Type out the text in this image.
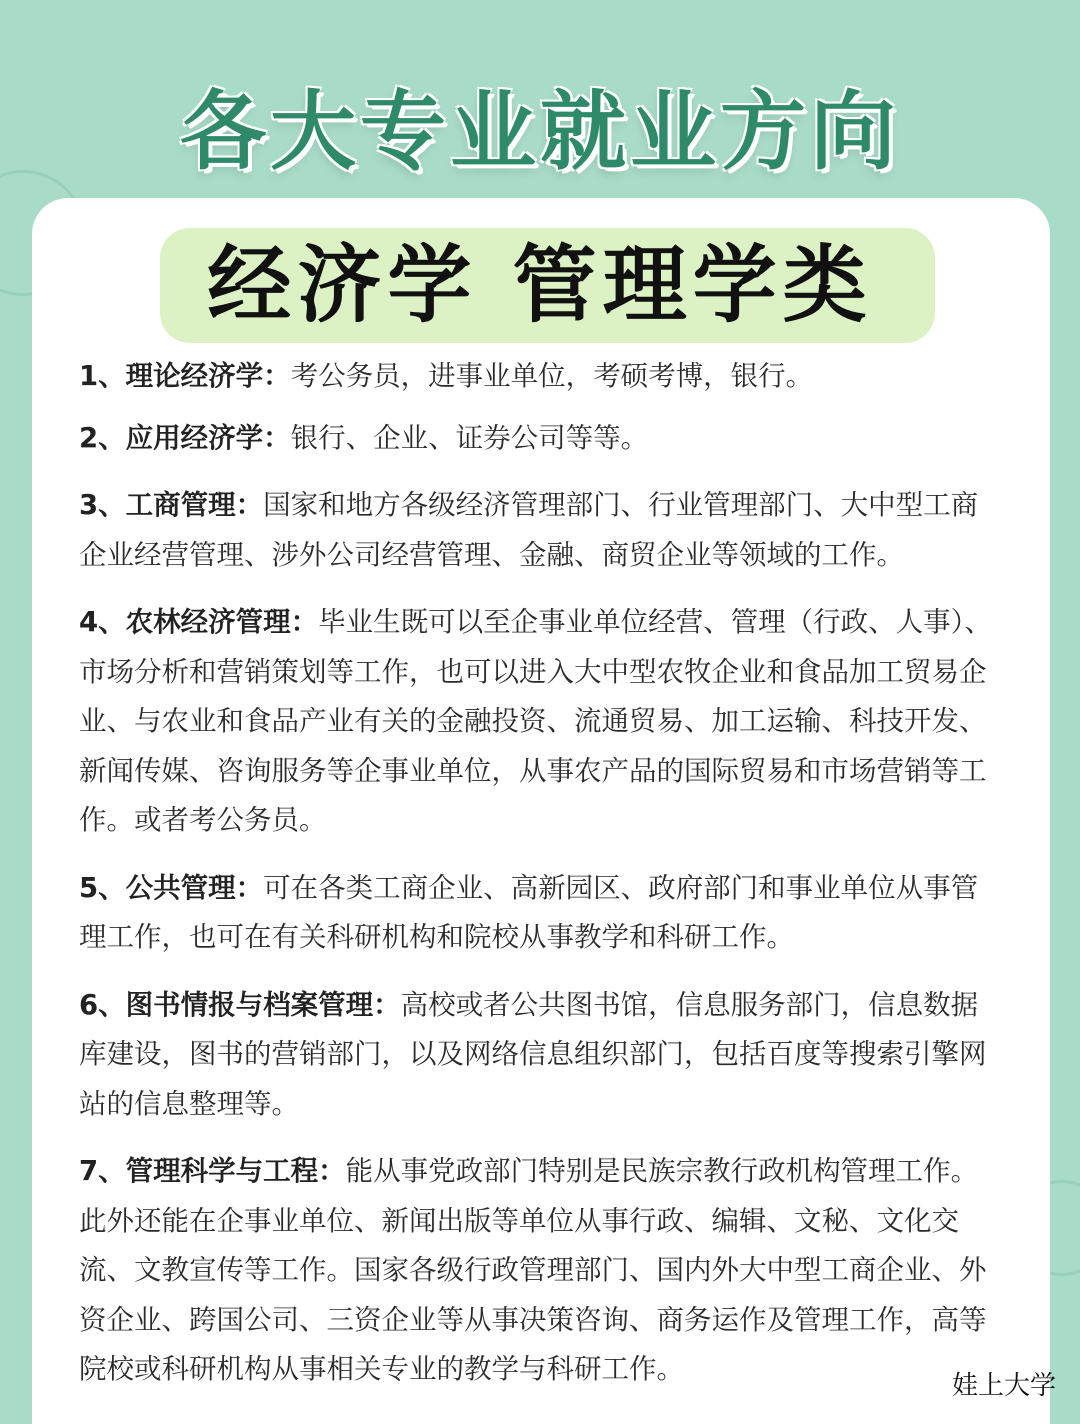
各大专业就业方向
经济学 管理学类

1、理论经济学：考公务员，进事业单位，考硕考博，银行。

2、应用经济学：银行、企业、证券公司等等。

3、工商管理：国家和地方各级经济管理部门、行业管理部门、大中型工商企业经营管理、涉外公司经营管理、金融、商贸企业等领域的工作。

4、农林经济管理：毕业生既可以至企事业单位经营、管理（行政、人事）、市场分析和营销策划等工作，也可以进入大中型农牧企业和食品加工贸易企业、与农业和食品产业有关的金融投资、流通贸易、加工运输、科技开发、新闻传媒、咨询服务等企事业单位，从事农产品的国际贸易和市场营销等工作。或者考公务员。

5、公共管理：可在各类工商企业、高新园区、政府部门和事业单位从事管理工作，也可在有关科研机构和院校从事教学和科研工作。

6、图书情报与档案管理：高校或者公共图书馆，信息服务部门，信息数据库建设，图书的营销部门，以及网络信息组织部门，包括百度等搜索引擎网站的信息整理等。

7、管理科学与工程：能从事党政部门特别是民族宗教行政机构管理工作。此外还能在企事业单位、新闻出版等单位从事行政、编辑、文秘、文化交流、文教宣传等工作。国家各级行政管理部门、国内外大中型工商企业、外资企业、跨国公司、三资企业等从事决策咨询、商务运作及管理工作，高等院校或科研机构从事相关专业的教学与科研工作。

娃上大学
